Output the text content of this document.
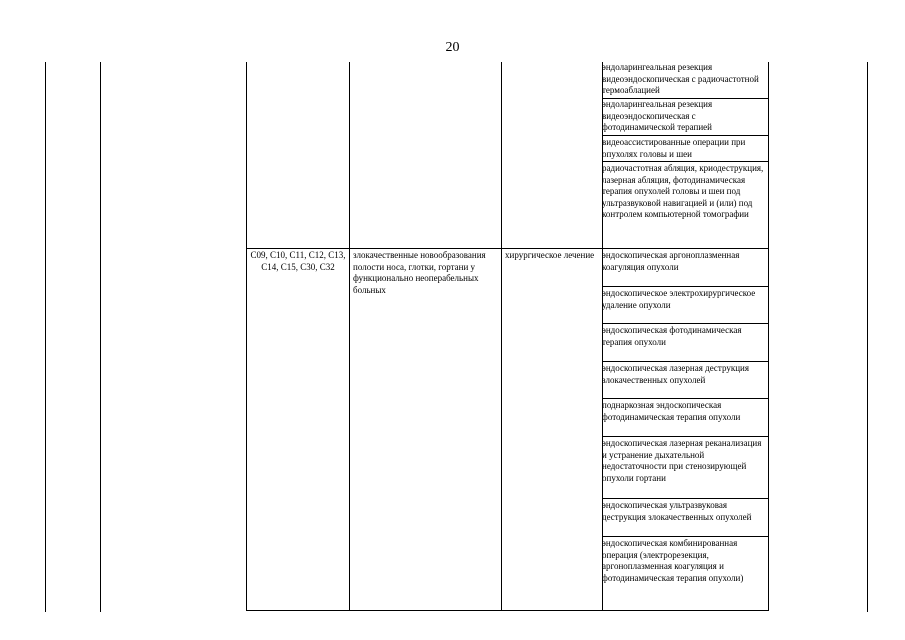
20
эндоларингеальная резекция видеоэндоскопическая с радиочастотной термоаблацией
эндоларингеальная резекция видеоэндоскопическая с фотодинамической терапией
видеоассистированные операции при опухолях головы и шеи
радиочастотная абляция, криодеструкция, лазерная абляция, фотодинамическая терапия опухолей головы и шеи под ультразвуковой навигацией и (или) под контролем компьютерной томографии
C09, C10, C11, C12, C13, C14, C15, C30, C32
злокачественные новообразования полости носа, глотки, гортани у функционально неоперабельных больных
хирургическое лечение эндоскопическая аргоноплазменная коагуляция опухоли
эндоскопическое электрохирургическое удаление опухоли
эндоскопическая фотодинамическая терапия опухоли
эндоскопическая лазерная деструкция злокачественных опухолей
поднаркозная эндоскопическая фотодинамическая терапия опухоли
эндоскопическая лазерная реканализация и устранение дыхательной недостаточности при стенозирующей опухоли гортани
эндоскопическая ультразвуковая деструкция злокачественных опухолей
эндоскопическая комбинированная операция (электрорезекция, аргоноплазменная коагуляция и фотодинамическая терапия опухоли)
